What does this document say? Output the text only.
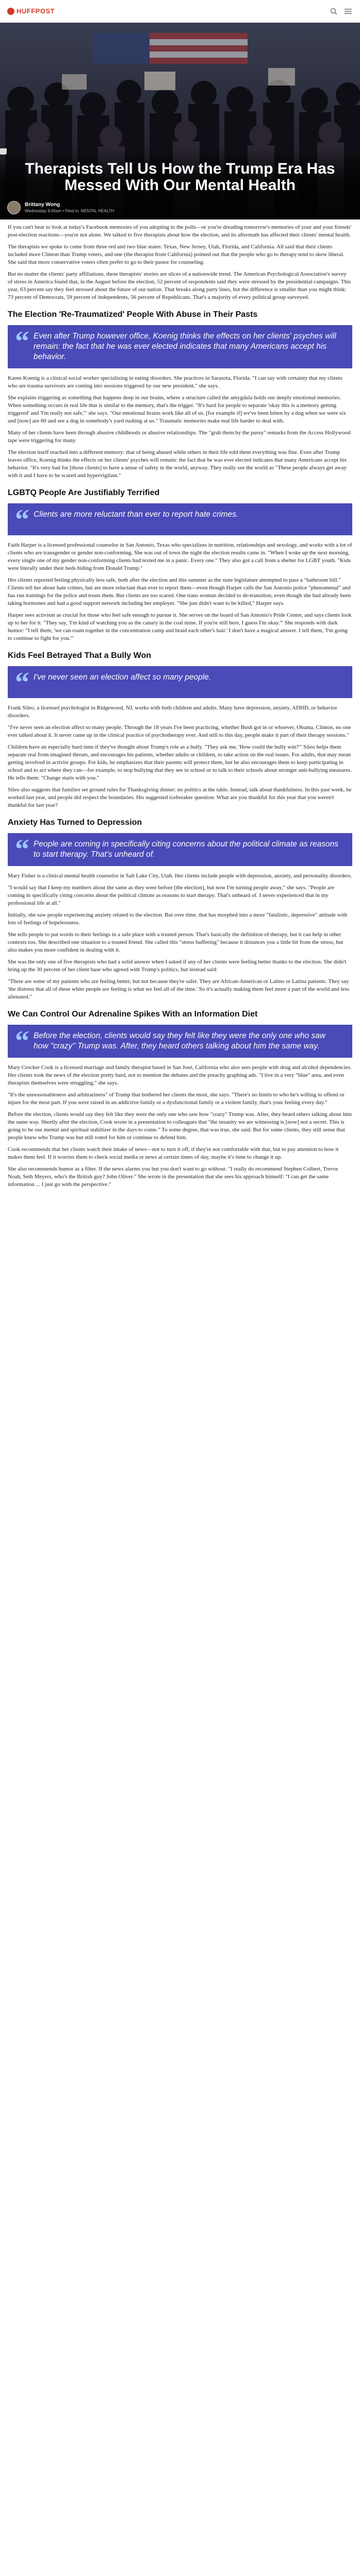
HUFFPOST
Therapists Tell Us How the Trump Era Has Messed With Our Mental Health
Brittany Wong
Wednesday 9:45am • Filed in: MENTAL HEALTH

If you can't bear to look at today's Facebook memories of you adopting to the polls—or you're dreading tomorrow's memories of your and your friends' post-election reactions—you're not alone. We talked to five therapists about how the election, and its aftermath has affected their clients' mental health.

The therapists we spoke to come from three red and two blue states: Texas, New Jersey, Utah, Florida, and California. All said that their clients included more Clinton than Trump voters, and one (the therapist from California) pointed out that the people who go to therapy tend to skew liberal. She said that more conservative voters often prefer to go to their pastor for counseling.

But no matter the clients' party affiliations, these therapists' stories are slices of a nationwide trend. The American Psychological Association's survey of stress in America found that, in the August before the election, 52 percent of respondents said they were stressed by the presidential campaigns. This year, 63 percent say they feel stressed about the future of our nation. That breaks along party lines, but the difference is smaller than you might think: 73 percent of Democrats, 59 percent of independents, 56 percent of Republicans. That's a majority of every political group surveyed.

The Election 'Re-Traumatized' People With Abuse in Their Pasts
“ Even after Trump however office, Koenig thinks the effects on her clients' psyches will remain: the fact that he was ever elected indicates that many Americans accept his behavior.

Karen Koenig is a clinical social worker specializing in eating disorders. She practices in Sarasota, Florida. "I can say with certainty that my clients who are trauma survivors are coming into sessions triggered by our new president," she says.

She explains triggering as something that happens deep in our brains, where a structure called the amygdala holds our deeply emotional memories. When something occurs in real life that is similar to the memory, that's the trigger. "It's hard for people to separate 'okay this is a memory getting triggered' and 'I'm really not safe,'" she says. "Our emotional brains work like all of us. [for example if] we've been bitten by a dog when we were six and [now] are 60 and see a dog in somebody's yard rushing at us." Traumatic memories make real life harder to deal with.

Many of her clients have been through abusive childhoods or abusive relationships. The "grab them by the pussy" remarks from the Access Hollywood tape were triggering for many.

The election itself reached into a different memory: that of being abused while others in their life told them everything was fine. Even after Trump leaves office, Koenig thinks the effects on her clients' psyches will remain: the fact that he was ever elected indicates that many Americans accept his behavior. "It's very bad for [those clients] to have a sense of safety in the world, anyway. They really see the world as "These people always get away with it and I have to be scared and hypervigilant."

LGBTQ People Are Justifiably Terrified
“ Clients are more reluctant than ever to report hate crimes.

Faith Harper is a licensed professional counselor in San Antonio, Texas who specializes in nutrition, relationships and sexology, and works with a lot of clients who are transgender or gender non-conforming. She was out of town the night the election results came in. "When I woke up the next morning, every single one of my gender non-conforming clients had texted me in a panic. Every one." They also got a call from a shelter for LGBT youth. "Kids were literally under their beds hiding from Donald Trump."

Her clients reported feeling physically less safe, both after the election and this summer as the state legislature attempted to pass a "bathroom bill." Clients tell her about hate crimes, but are more reluctant than ever to report them—even though Harper calls the San Antonio police "phenomenal" and has run trainings for the police and trusts them. But clients are too scared. One trans woman decided to de-transition, even though she had already been taking hormones and had a good support network including her employer. "She just didn't want to be killed," Harper says.

Harper sees activism as crucial for those who feel safe enough to pursue it. She serves on the board of San Antonio's Pride Center, and says clients look up to her for it. "They say, 'I'm kind of watching you as the canary in the coal mine. If you're still here, I guess I'm okay.'" She responds with dark humor: "I tell them, 'we can roam together in the concentration camp and braid each other's hair.' I don't have a magical answer. I tell them, 'I'm going to continue to fight for you.'"

Kids Feel Betrayed That a Bully Won
“ I've never seen an election affect so many people.

Frank Sileo, a licensed psychologist in Ridgewood, NJ, works with both children and adults. Many have depression, anxiety, ADHD, or behavior disorders.

"I've never seen an election affect so many people. Through the 18 years I've been practicing, whether Bush got in or whoever, Obama, Clinton, no one ever talked about it. It never came up in the clinical practice of psychotherapy ever. And still to this day, people make it part of their therapy sessions."

Children have an especially hard time if they've thought about Trump's role as a bully. "They ask me, 'How could the bully win?'" Sileo helps them separate real from imagined threats, and encourages his patients, whether adults or children, to take action on the real issues. For adults, that may mean getting involved in activist groups. For kids, he emphasizes that their parents will protect them, but he also encourages them to keep participating in school and to act where they can—for example, to stop bullying that they see in school or to talk to their schools about stronger anti-bullying measures. He tells them: "Change starts with you."

Sileo also suggests that families set ground rules for Thanksgiving dinner: no politics at the table. Instead, talk about thankfulness. In this past week, he worked last year, and people did respect the boundaries. His suggested icebreaker question: What are you thankful for this year that you weren't thankful for last year?

Anxiety Has Turned to Depression
“ People are coming in specifically citing concerns about the political climate as reasons to start therapy. That's unheard of.

Mary Fisher is a clinical mental health counselor in Salt Lake City, Utah. Her clients include people with depression, anxiety, and personality disorders.

"I would say that I keep my numbers about the same as they were before [the election], but now I'm turning people away," she says. "People are coming in specifically citing concerns about the political climate as reasons to start therapy. That's unheard of. I never experienced that in my professional life at all."

Initially, she saw people experiencing anxiety related to the election. But over time, that has morphed into a more "fatalistic, depressive" attitude with lots of feelings of hopelessness.

She tells people to put words to their feelings in a safe place with a trusted person. That's basically the definition of therapy, but it can help in other contexts too. She described one situation to a trusted friend. She called this "stress buffering" because it distances you a little bit from the stress, but also makes you more confident in dealing with it.

She was the only one of five therapists who had a solid answer when I asked if any of her clients were feeling better thanks to the election. She didn't bring up the 30 percent of her client base who agreed with Trump's politics, but instead said:

"There are some of my patients who are feeling better, but not because they're safer. They are African-American or Latino or Latina patients. They say 'the distress that all of these white people are feeling is what we feel all of the time.' So it's actually making them feel more a part of the world and less alienated."

We Can Control Our Adrenaline Spikes With an Information Diet
“ Before the election, clients would say they felt like they were the only one who saw how "crazy" Trump was. After, they heard others talking about him the same way.

Mary Crocker Cook is a licensed marriage and family therapist based in San José, California who also sees people with drug and alcohol dependencies. Her clients took the news of the election pretty hard, not to mention the debates and the preachy graphing ads. "I live in a very "blue" area, and even therapists themselves were struggling," she says.

"It's the unreasonableness and arbitrariness" of Trump that bothered her clients the most, she says. "There's no limits to who he's willing to offend or injure for the most part. If you were raised in an addictive family or a dysfunctional family or a violent family, that's your feeling every day."

Before the election, clients would say they felt like they were the only one who saw how "crazy" Trump was. After, they heard others talking about him the same way. Shortly after the election, Cook wrote in a presentation to colleagues that "the insanity we are witnessing is [now] not a secret. This is going to be our mental and spiritual stabilizer in the days to come." To some degree, that was true, she said. But for some clients, they still sense that people knew who Trump was but still voted for him or continue to defend him.

Cook recommends that her clients watch their intake of news—not to turn it off, if they're not comfortable with that, but to pay attention to how it makes them feel. If it worries them to check social media or news at certain times of day, maybe it's time to change it up.

She also recommends humor as a filter. If the news alarms you but you don't want to go without. "I really do recommend Stephen Colbert, Trevor Noah, Seth Meyers, who's the British guy? John Oliver." She wrote in the presentation that she sees his approach himself: "I can get the same information ... I just go with the perspective."
